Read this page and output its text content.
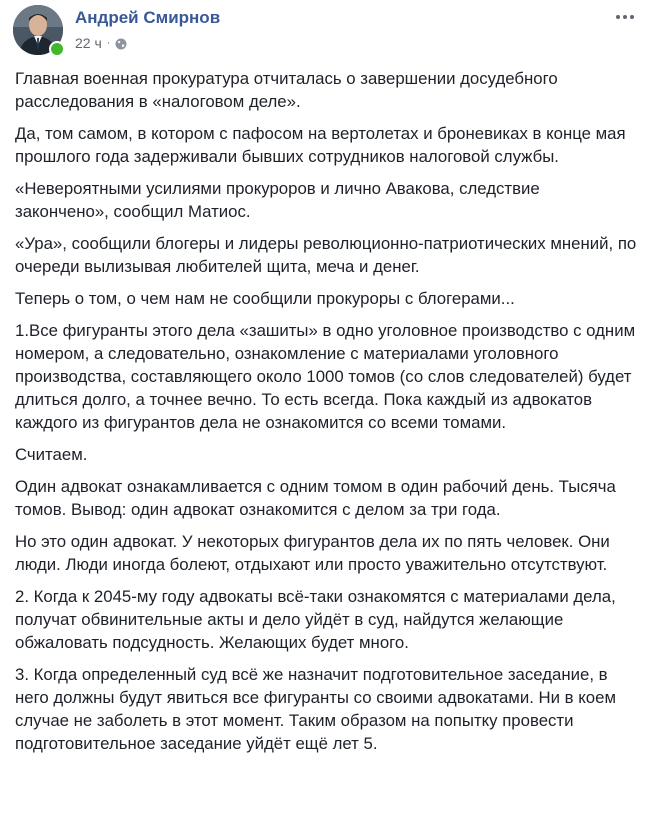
Андрей Смирнов
22 ч ·

Главная военная прокуратура отчиталась о завершении досудебного расследования в «налоговом деле».

Да, том самом, в котором с пафосом на вертолетах и броневиках в конце мая прошлого года задерживали бывших сотрудников налоговой службы.

«Невероятными усилиями прокуроров и лично Авакова, следствие закончено», сообщил Матиос.

«Ура», сообщили блогеры и лидеры революционно-патриотических мнений, по очереди вылизывая любителей щита, меча и денег.

Теперь о том, о чем нам не сообщили прокуроры с блогерами...

1.Все фигуранты этого дела «зашиты» в одно уголовное производство с одним номером, а следовательно, ознакомление с материалами уголовного производства, составляющего около 1000 томов (со слов следователей) будет длиться долго, а точнее вечно. То есть всегда. Пока каждый из адвокатов каждого из фигурантов дела не ознакомится со всеми томами.

Считаем.

Один адвокат ознакамливается с одним томом в один рабочий день. Тысяча томов. Вывод: один адвокат ознакомится с делом за три года.

Но это один адвокат. У некоторых фигурантов дела их по пять человек. Они люди. Люди иногда болеют, отдыхают или просто уважительно отсутствуют.

2. Когда к 2045-му году адвокаты всё-таки ознакомятся с материалами дела, получат обвинительные акты и дело уйдёт в суд, найдутся желающие обжаловать подсудность. Желающих будет много.

3. Когда определенный суд всё же назначит подготовительное заседание, в него должны будут явиться все фигуранты со своими адвокатами. Ни в коем случае не заболеть в этот момент. Таким образом на попытку провести подготовительное заседание уйдёт ещё лет 5.
